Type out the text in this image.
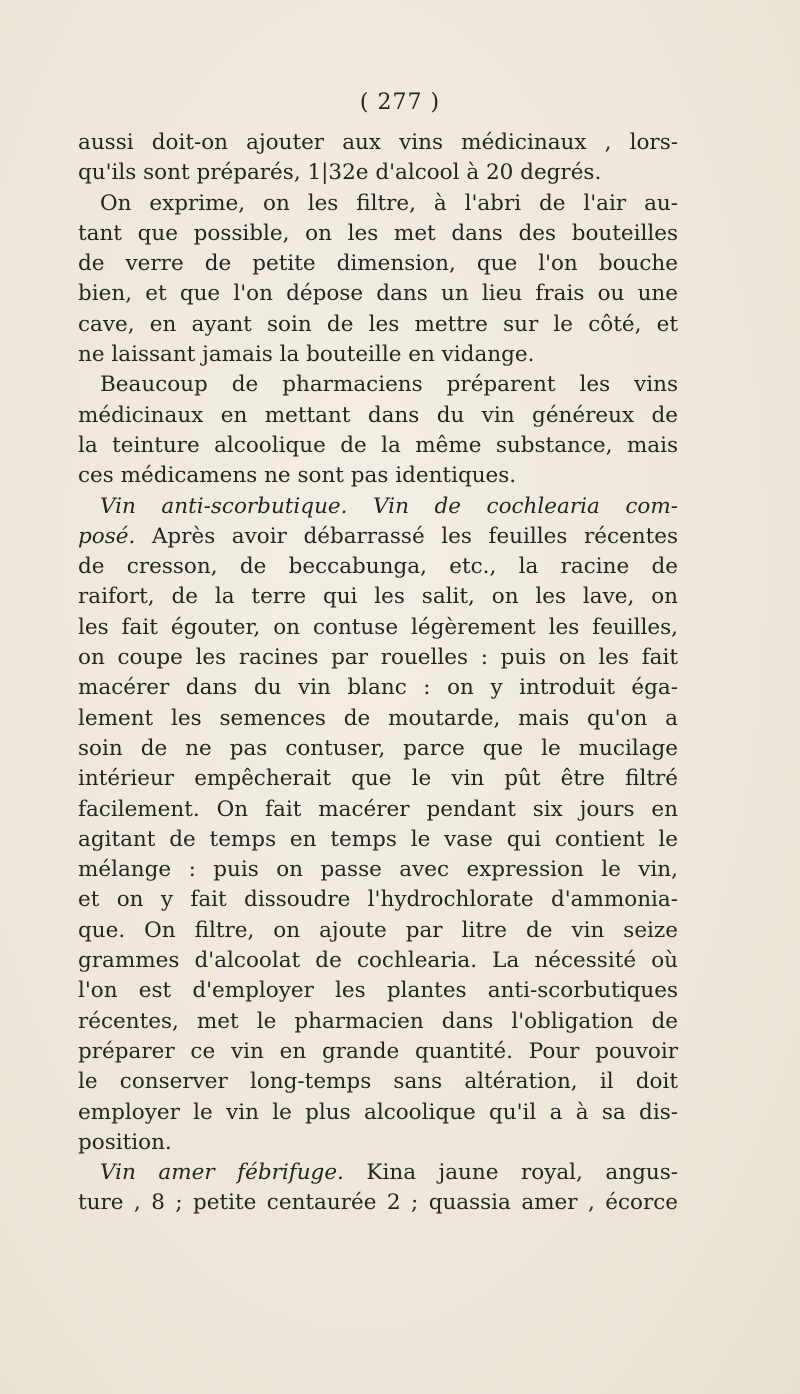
( 277 )
aussi doit-on ajouter aux vins médicinaux , lors-
qu'ils sont préparés, 1|32e d'alcool à 20 degrés.
On exprime, on les filtre, à l'abri de l'air au-
tant que possible, on les met dans des bouteilles
de verre de petite dimension, que l'on bouche
bien, et que l'on dépose dans un lieu frais ou une
cave, en ayant soin de les mettre sur le côté, et
ne laissant jamais la bouteille en vidange.
Beaucoup de pharmaciens préparent les vins
médicinaux en mettant dans du vin généreux de
la teinture alcoolique de la même substance, mais
ces médicamens ne sont pas identiques.
Vin anti-scorbutique. Vin de cochlearia com-
posé. Après avoir débarrassé les feuilles récentes
de cresson, de beccabunga, etc., la racine de
raifort, de la terre qui les salit, on les lave, on
les fait égouter, on contuse légèrement les feuilles,
on coupe les racines par rouelles : puis on les fait
macérer dans du vin blanc : on y introduit éga-
lement les semences de moutarde, mais qu'on a
soin de ne pas contuser, parce que le mucilage
intérieur empêcherait que le vin pût être filtré
facilement. On fait macérer pendant six jours en
agitant de temps en temps le vase qui contient le
mélange : puis on passe avec expression le vin,
et on y fait dissoudre l'hydrochlorate d'ammonia-
que. On filtre, on ajoute par litre de vin seize
grammes d'alcoolat de cochlearia. La nécessité où
l'on est d'employer les plantes anti-scorbutiques
récentes, met le pharmacien dans l'obligation de
préparer ce vin en grande quantité. Pour pouvoir
le conserver long-temps sans altération, il doit
employer le vin le plus alcoolique qu'il a à sa dis-
position.
Vin amer fébrifuge. Kina jaune royal, angus-
ture , 8 ; petite centaurée 2 ; quassia amer , écorce
